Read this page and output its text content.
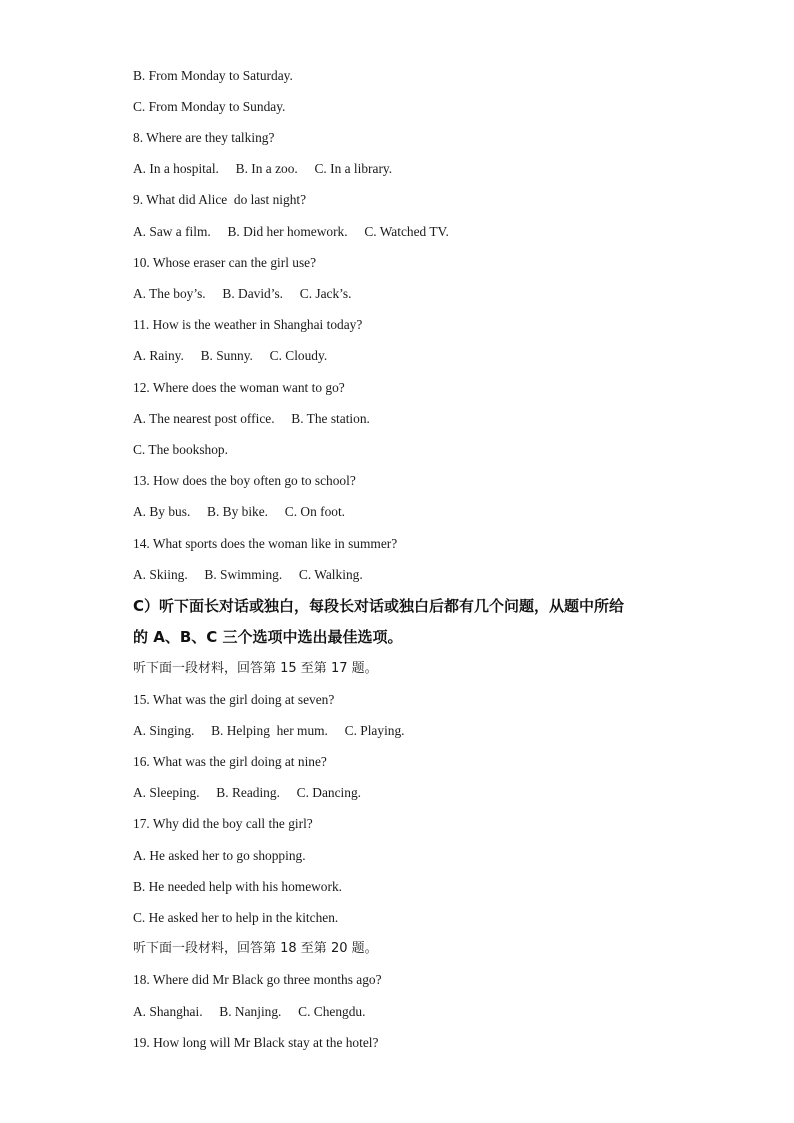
B. From Monday to Saturday.
C. From Monday to Sunday.
8. Where are they talking?
A. In a hospital.     B. In a zoo.     C. In a library.
9. What did Alice  do last night?
A. Saw a film.     B. Did her homework.     C. Watched TV.
10. Whose eraser can the girl use?
A. The boy’s.     B. David’s.     C. Jack’s.
11. How is the weather in Shanghai today?
A. Rainy.     B. Sunny.     C. Cloudy.
12. Where does the woman want to go?
A. The nearest post office.     B. The station.
C. The bookshop.
13. How does the boy often go to school?
A. By bus.     B. By bike.     C. On foot.
14. What sports does the woman like in summer?
A. Skiing.     B. Swimming.     C. Walking.
C）听下面长对话或独白，每段长对话或独白后都有几个问题，从题中所给
的 A、B、C 三个选项中选出最佳选项。
听下面一段材料，回答第 15 至第 17 题。
15. What was the girl doing at seven?
A. Singing.     B. Helping  her mum.     C. Playing.
16. What was the girl doing at nine?
A. Sleeping.     B. Reading.     C. Dancing.
17. Why did the boy call the girl?
A. He asked her to go shopping.
B. He needed help with his homework.
C. He asked her to help in the kitchen.
听下面一段材料，回答第 18 至第 20 题。
18. Where did Mr Black go three months ago?
A. Shanghai.     B. Nanjing.     C. Chengdu.
19. How long will Mr Black stay at the hotel?
